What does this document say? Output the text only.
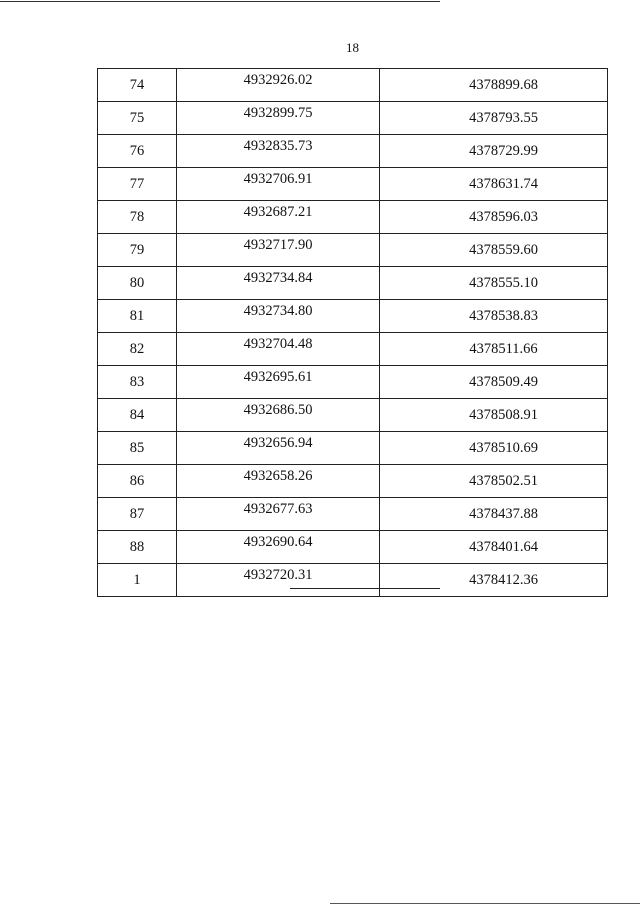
18
74	4932926.02	4378899.68
75	4932899.75	4378793.55
76	4932835.73	4378729.99
77	4932706.91	4378631.74
78	4932687.21	4378596.03
79	4932717.90	4378559.60
80	4932734.84	4378555.10
81	4932734.80	4378538.83
82	4932704.48	4378511.66
83	4932695.61	4378509.49
84	4932686.50	4378508.91
85	4932656.94	4378510.69
86	4932658.26	4378502.51
87	4932677.63	4378437.88
88	4932690.64	4378401.64
1	4932720.31	4378412.36
